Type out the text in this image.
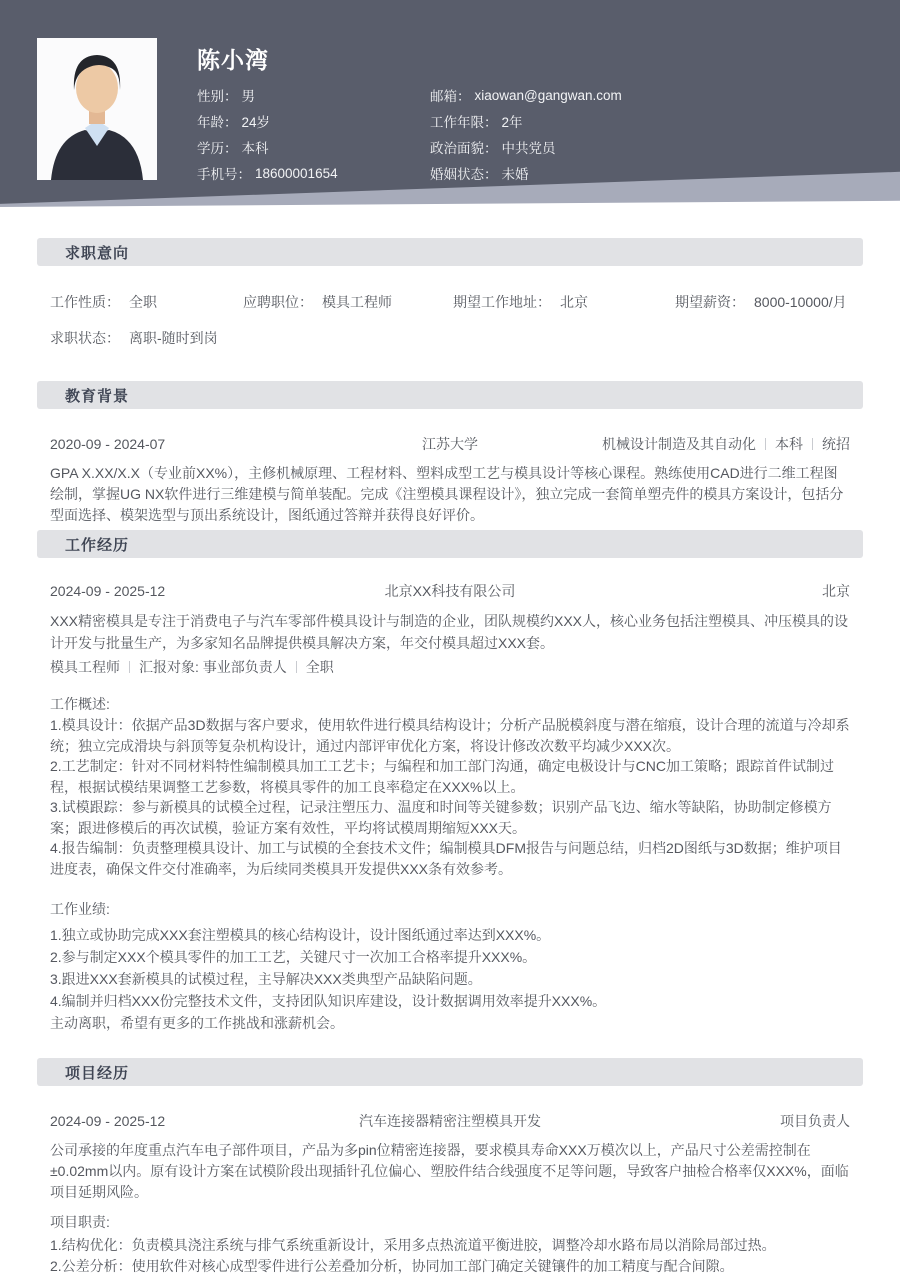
陈小湾
性别： 男
年龄： 24岁
学历： 本科
手机号： 18600001654
邮箱： xiaowan@gangwan.com
工作年限： 2年
政治面貌： 中共党员
婚姻状态： 未婚
求职意向
工作性质： 全职	应聘职位： 模具工程师	期望工作地址： 北京	期望薪资： 8000-10000/月
求职状态： 离职-随时到岗
教育背景
2020-09 - 2024-07	江苏大学	机械设计制造及其自动化 本科 统招

GPA X.XX/X.X（专业前XX%），主修机械原理、工程材料、塑料成型工艺与模具设计等核心课程。熟练使用CAD进行二维工程图绘制，掌握UG NX软件进行三维建模与简单装配。完成《注塑模具课程设计》，独立完成一套简单塑壳件的模具方案设计，包括分型面选择、模架选型与顶出系统设计，图纸通过答辩并获得良好评价。

工作经历
2024-09 - 2025-12	北京XX科技有限公司	北京

XXX精密模具是专注于消费电子与汽车零部件模具设计与制造的企业，团队规模约XXX人，核心业务包括注塑模具、冲压模具的设计开发与批量生产，为多家知名品牌提供模具解决方案，年交付模具超过XXX套。

模具工程师 汇报对象: 事业部负责人 全职
工作概述:

1.模具设计：依据产品3D数据与客户要求，使用软件进行模具结构设计；分析产品脱模斜度与潜在缩痕，设计合理的流道与冷却系统；独立完成滑块与斜顶等复杂机构设计，通过内部评审优化方案，将设计修改次数平均减少XXX次。

2.工艺制定：针对不同材料特性编制模具加工工艺卡；与编程和加工部门沟通，确定电极设计与CNC加工策略；跟踪首件试制过程，根据试模结果调整工艺参数，将模具零件的加工良率稳定在XXX%以上。

3.试模跟踪：参与新模具的试模全过程，记录注塑压力、温度和时间等关键参数；识别产品飞边、缩水等缺陷，协助制定修模方案；跟进修模后的再次试模，验证方案有效性，平均将试模周期缩短XXX天。

4.报告编制：负责整理模具设计、加工与试模的全套技术文件；编制模具DFM报告与问题总结，归档2D图纸与3D数据；维护项目进度表，确保文件交付准确率，为后续同类模具开发提供XXX条有效参考。

工作业绩:

1.独立或协助完成XXX套注塑模具的核心结构设计，设计图纸通过率达到XXX%。

2.参与制定XXX个模具零件的加工工艺，关键尺寸一次加工合格率提升XXX%。

3.跟进XXX套新模具的试模过程，主导解决XXX类典型产品缺陷问题。

4.编制并归档XXX份完整技术文件，支持团队知识库建设，设计数据调用效率提升XXX%。

主动离职，希望有更多的工作挑战和涨薪机会。

项目经历
2024-09 - 2025-12	汽车连接器精密注塑模具开发	项目负责人

公司承接的年度重点汽车电子部件项目，产品为多pin位精密连接器，要求模具寿命XXX万模次以上，产品尺寸公差需控制在±0.02mm以内。原有设计方案在试模阶段出现插针孔位偏心、塑胶件结合线强度不足等问题，导致客户抽检合格率仅XXX%，面临项目延期风险。

项目职责:

1.结构优化：负责模具浇注系统与排气系统重新设计，采用多点热流道平衡进胶，调整冷却水路布局以消除局部过热。

2.公差分析：使用软件对核心成型零件进行公差叠加分析，协同加工部门确定关键镶件的加工精度与配合间隙。
